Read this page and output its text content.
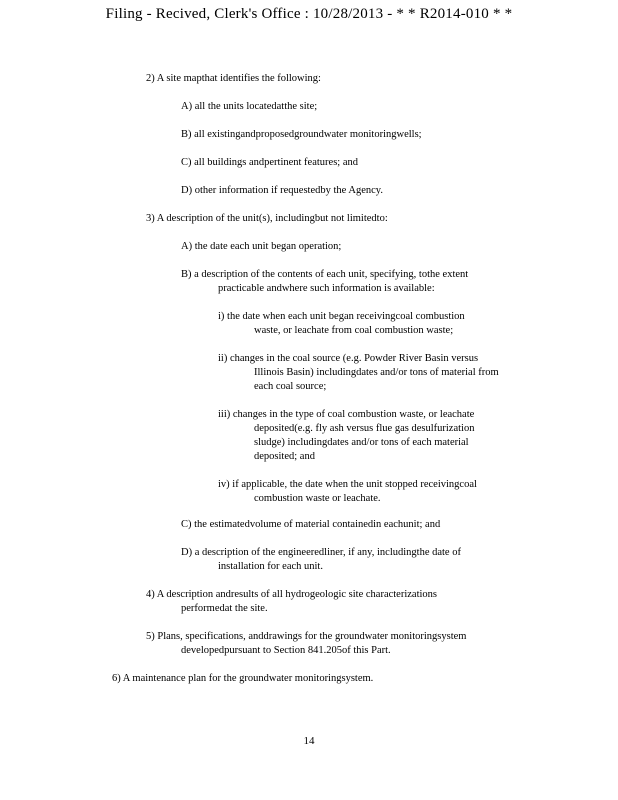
Filing - Recived, Clerk's Office : 10/28/2013 - * * R2014-010 * *
2) A site mapthat identifies the following:
A) all the units locatedatthe site;
B) all existingandproposedgroundwater monitoringwells;
C) all buildings andpertinent features; and
D) other information if requestedby the Agency.
3) A description of the unit(s), includingbut not limitedto:
A) the date each unit began operation;
B) a description of the contents of each unit, specifying, tothe extent
practicable andwhere such information is available:
i) the date when each unit began receivingcoal combustion
waste, or leachate from coal combustion waste;
ii) changes in the coal source (e.g. Powder River Basin versus
Illinois Basin) includingdates and/or tons of material from
each coal source;
iii) changes in the type of coal combustion waste, or leachate
deposited(e.g. fly ash versus flue gas desulfurization
sludge) includingdates and/or tons of each material
deposited; and
iv) if applicable, the date when the unit stopped receivingcoal
combustion waste or leachate.
C) the estimatedvolume of material containedin eachunit; and
D) a description of the engineeredliner, if any, includingthe date of
installation for each unit.
4) A description andresults of all hydrogeologic site characterizations
performedat the site.
5) Plans, specifications, anddrawings for the groundwater monitoringsystem
developedpursuant to Section 841.205of this Part.
6) A maintenance plan for the groundwater monitoringsystem.
14
